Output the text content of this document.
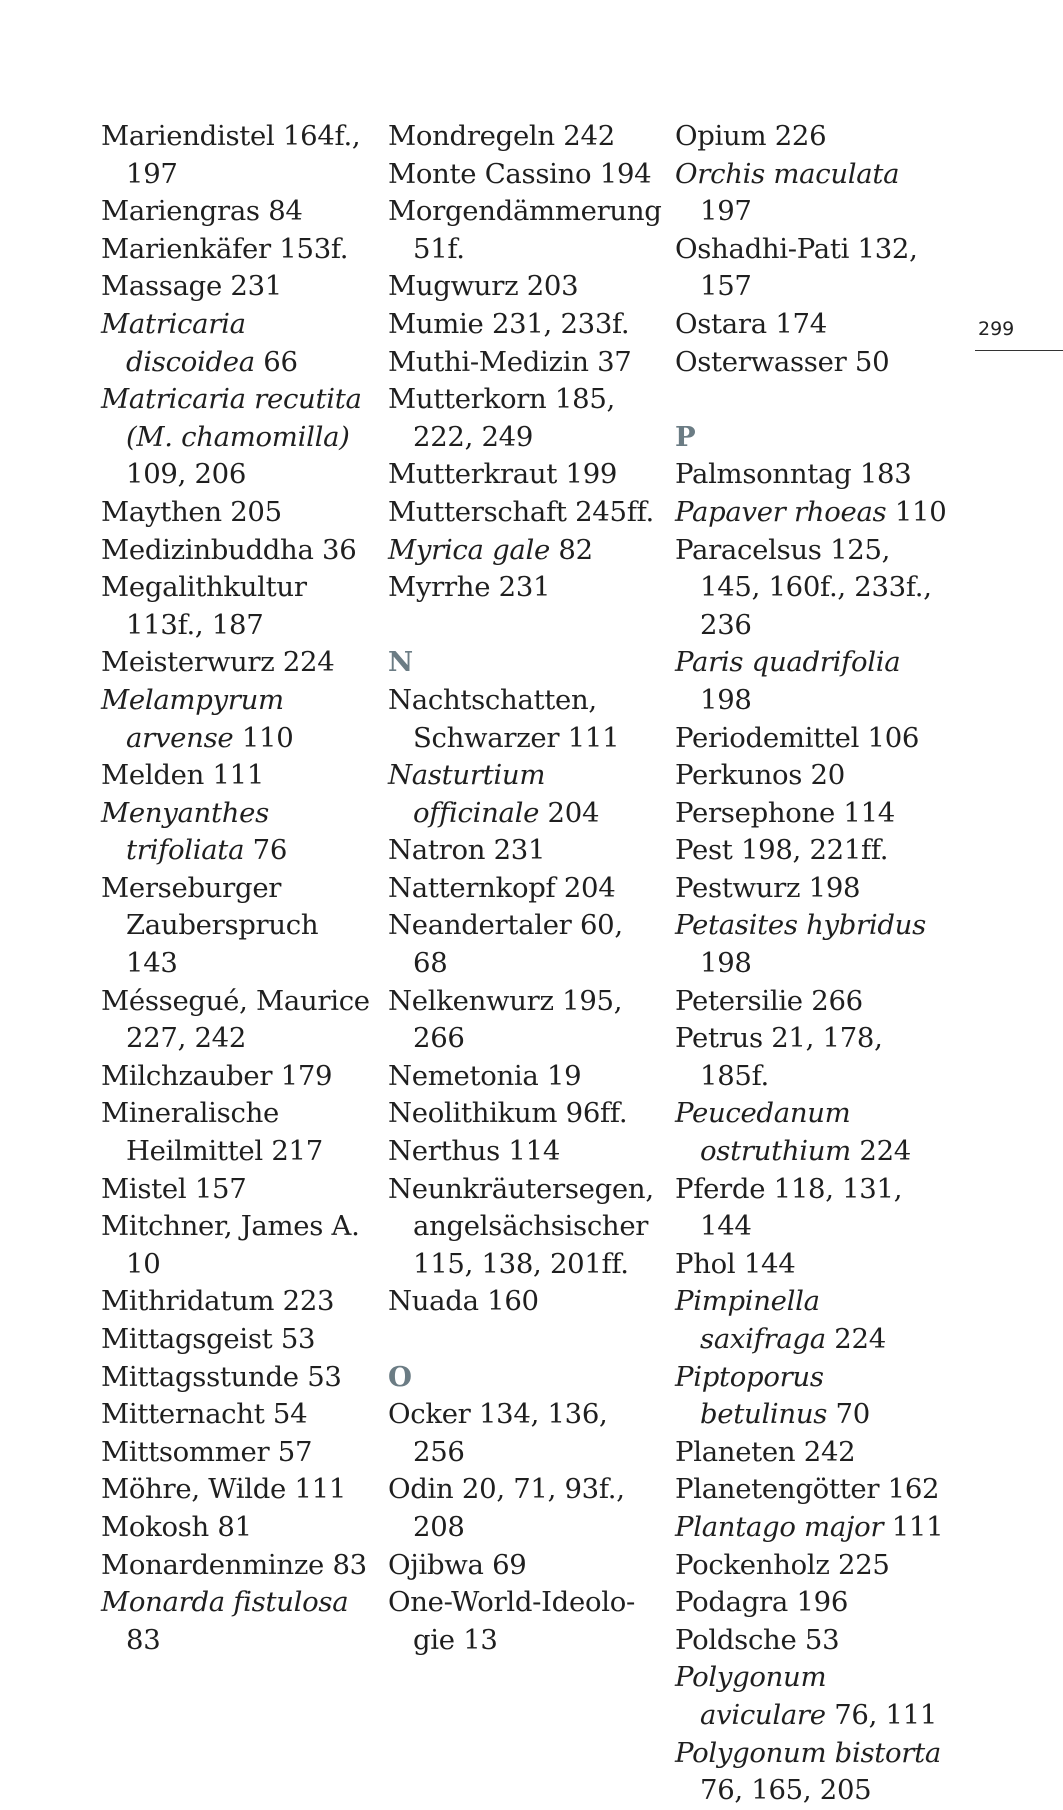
Mariendistel 164f., 197
Mariengras 84
Marienkäfer 153f.
Massage 231
Matricaria discoidea 66
Matricaria recutita (M. chamomilla) 109, 206
Maythen 205
Medizinbuddha 36
Megalithkultur 113f., 187
Meisterwurz 224
Melampyrum arvense 110
Melden 111
Menyanthes trifoliata 76
Merseburger Zauberspruch 143
Méssegué, Maurice 227, 242
Milchzauber 179
Mineralische Heilmittel 217
Mistel 157
Mitchner, James A. 10
Mithridatum 223
Mittagsgeist 53
Mittagsstunde 53
Mitternacht 54
Mittsommer 57
Möhre, Wilde 111
Mokosh 81
Monardenminze 83
Monarda fistulosa 83
Mondregeln 242
Monte Cassino 194
Morgendämmerung 51f.
Mugwurz 203
Mumie 231, 233f.
Muthi-Medizin 37
Mutterkorn 185, 222, 249
Mutterkraut 199
Mutterschaft 245ff.
Myrica gale 82
Myrrhe 231
N
Nachtschatten, Schwarzer 111
Nasturtium officinale 204
Natron 231
Natternkopf 204
Neandertaler 60, 68
Nelkenwurz 195, 266
Nemetonia 19
Neolithikum 96ff.
Nerthus 114
Neunkräutersegen, angelsächsischer 115, 138, 201ff.
Nuada 160
O
Ocker 134, 136, 256
Odin 20, 71, 93f., 208
Ojibwa 69
One-World-Ideolo-gie 13
Opium 226
Orchis maculata 197
Oshadhi-Pati 132, 157
Ostara 174
Osterwasser 50
P
Palmsonntag 183
Papaver rhoeas 110
Paracelsus 125, 145, 160f., 233f., 236
Paris quadrifolia 198
Periodemittel 106
Perkunos 20
Persephone 114
Pest 198, 221ff.
Pestwurz 198
Petasites hybridus 198
Petersilie 266
Petrus 21, 178, 185f.
Peucedanum ostruthium 224
Pferde 118, 131, 144
Phol 144
Pimpinella saxifraga 224
Piptoporus betulinus 70
Planeten 242
Planetengötter 162
Plantago major 111
Pockenholz 225
Podagra 196
Poldsche 53
Polygonum aviculare 76, 111
Polygonum bistorta 76, 165, 205
299
